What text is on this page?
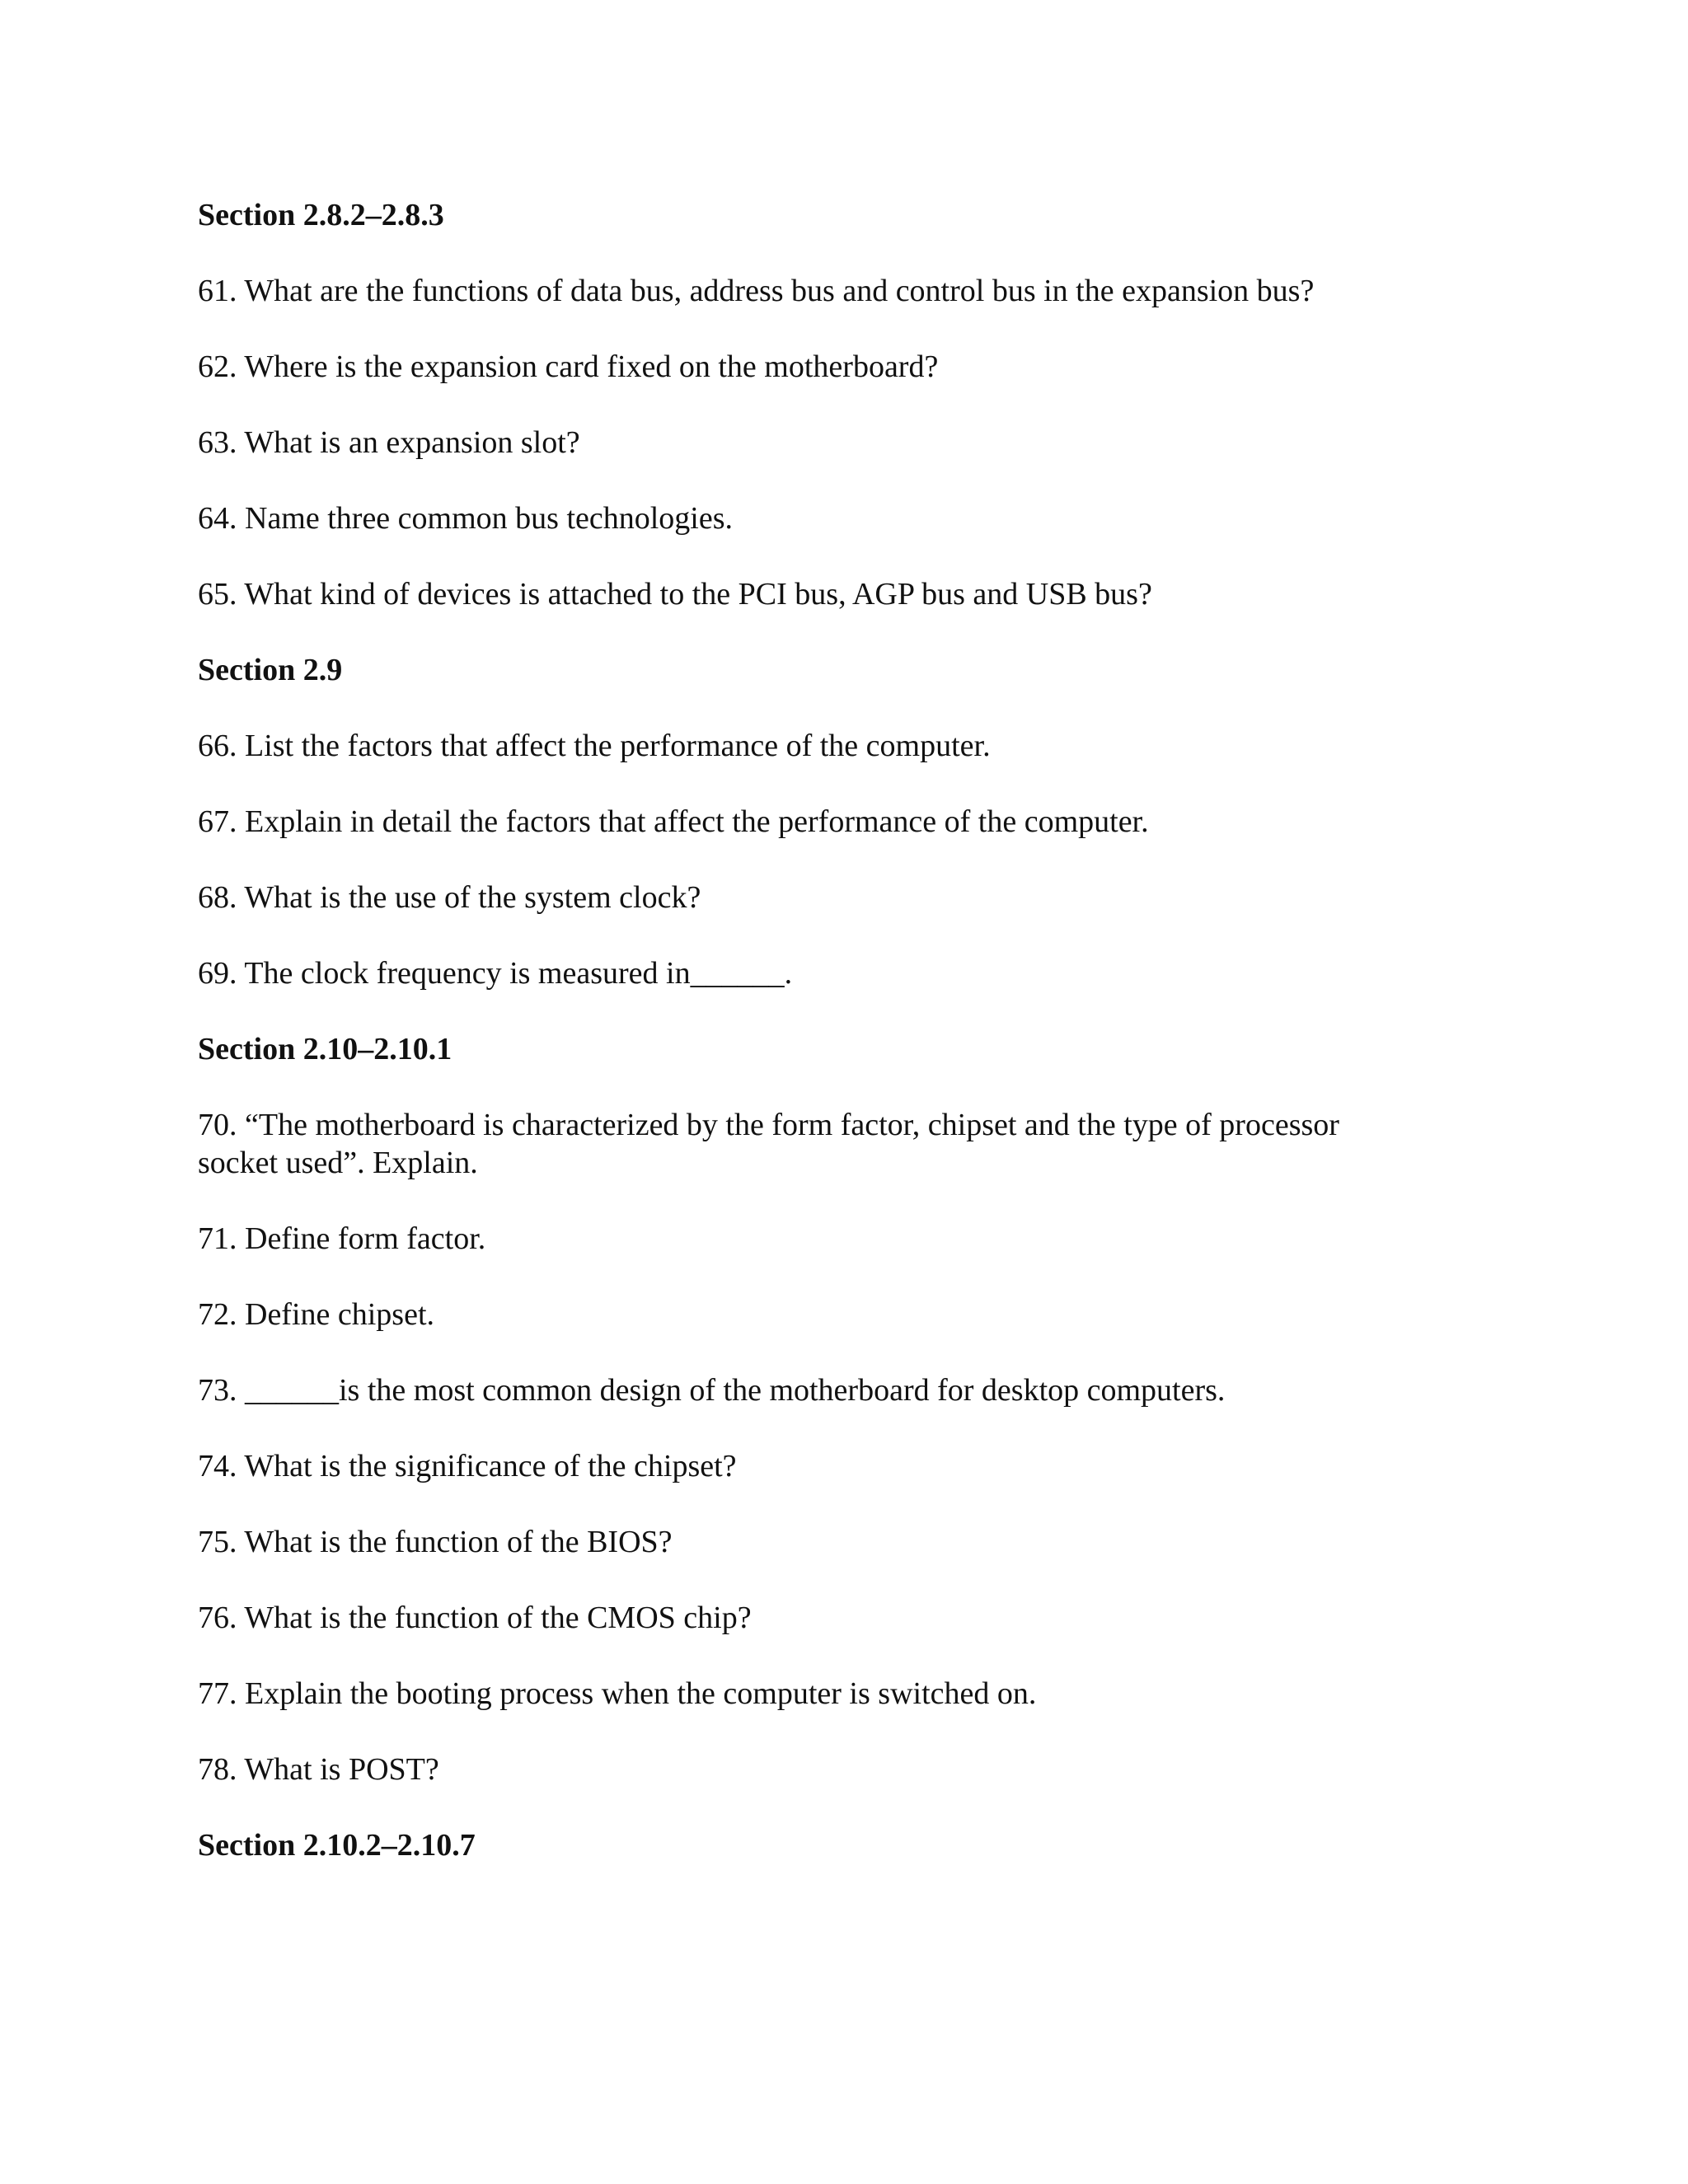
Section 2.8.2–2.8.3
61. What are the functions of data bus, address bus and control bus in the expansion bus?
62. Where is the expansion card fixed on the motherboard?
63. What is an expansion slot?
64. Name three common bus technologies.
65. What kind of devices is attached to the PCI bus, AGP bus and USB bus?
Section 2.9
66. List the factors that affect the performance of the computer.
67. Explain in detail the factors that affect the performance of the computer.
68. What is the use of the system clock?
69. The clock frequency is measured in______.
Section 2.10–2.10.1
70. “The motherboard is characterized by the form factor, chipset and the type of processor
socket used”. Explain.
71. Define form factor.
72. Define chipset.
73. ______is the most common design of the motherboard for desktop computers.
74. What is the significance of the chipset?
75. What is the function of the BIOS?
76. What is the function of the CMOS chip?
77. Explain the booting process when the computer is switched on.
78. What is POST?
Section 2.10.2–2.10.7
